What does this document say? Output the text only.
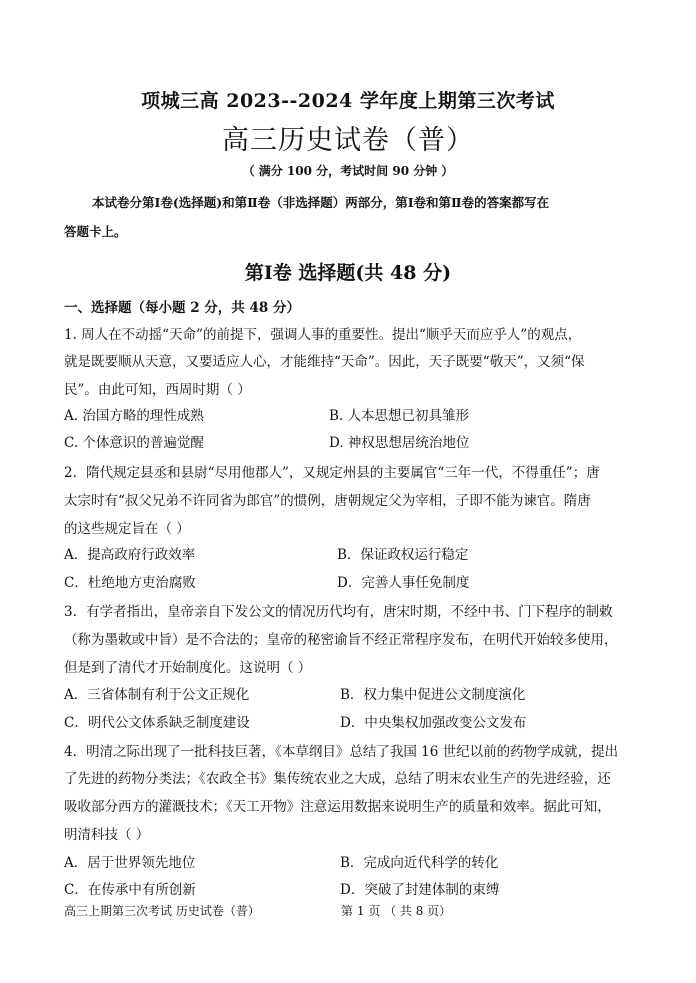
项城三高 2023--2024 学年度上期第三次考试
高三历史试卷（普）
（ 满分 100 分，考试时间 90 分钟 ）
本试卷分第Ⅰ卷(选择题)和第Ⅱ卷（非选择题）两部分，第Ⅰ卷和第Ⅱ卷的答案都写在
答题卡上。
第Ⅰ卷 选择题(共 48 分)
一、选择题（每小题 2 分，共 48 分）
1. 周人在不动摇“天命”的前提下，强调人事的重要性。提出“顺乎天而应乎人”的观点，
就是既要顺从天意，又要适应人心，才能维持“天命”。因此，天子既要“敬天”，又须“保
民”。由此可知，西周时期（ ）
A. 治国方略的理性成熟	B. 人本思想已初具雏形
C. 个体意识的普遍觉醒	D. 神权思想居统治地位
2．隋代规定县丞和县尉“尽用他郡人”，又规定州县的主要属官“三年一代，不得重任”；唐
太宗时有“叔父兄弟不许同省为郎官”的惯例，唐朝规定父为宰相，子即不能为谏官。隋唐
的这些规定旨在（ ）
A．提高政府行政效率	B．保证政权运行稳定
C．杜绝地方吏治腐败	D．完善人事任免制度
3．有学者指出，皇帝亲自下发公文的情况历代均有，唐宋时期，不经中书、门下程序的制敕
（称为墨敕或中旨）是不合法的；皇帝的秘密谕旨不经正常程序发布，在明代开始较多使用，
但是到了清代才开始制度化。这说明（ ）
A．三省体制有利于公文正规化	B．权力集中促进公文制度演化
C．明代公文体系缺乏制度建设	D．中央集权加强改变公文发布
4．明清之际出现了一批科技巨著，《本草纲目》总结了我国 16 世纪以前的药物学成就，提出
了先进的药物分类法；《农政全书》集传统农业之大成，总结了明末农业生产的先进经验，还
吸收部分西方的灌溉技术；《天工开物》注意运用数据来说明生产的质量和效率。据此可知，
明清科技（ ）
A．居于世界领先地位	B．完成向近代科学的转化
C．在传承中有所创新	D．突破了封建体制的束缚
高三上期第三次考试 历史试卷（普）	第 1 页 （ 共 8 页）
